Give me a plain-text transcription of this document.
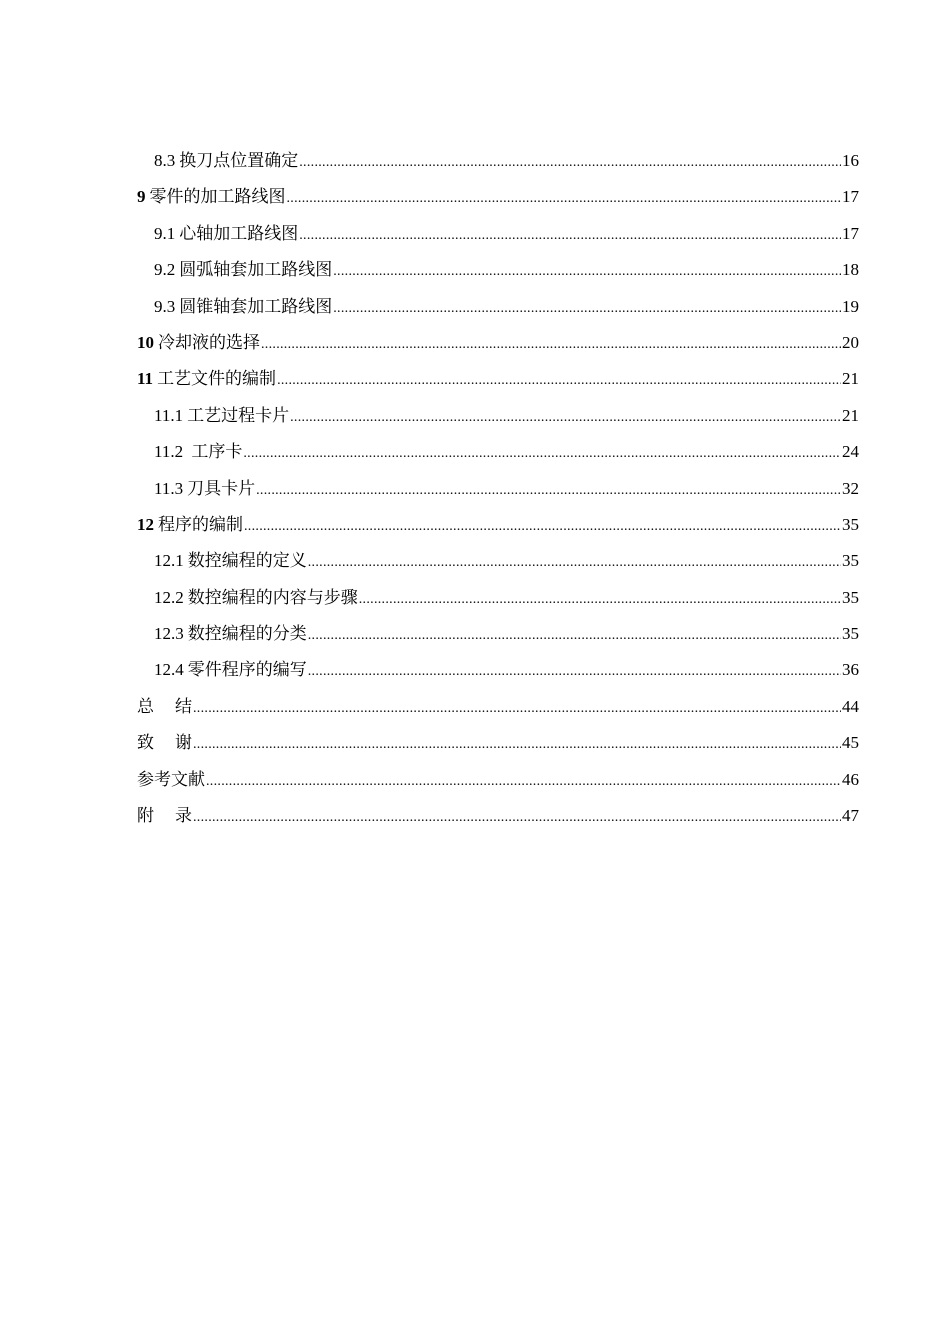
8.3 换刀点位置确定 .....	16
9 零件的加工路线图 .....	17
9.1 心轴加工路线图 .....	17
9.2 圆弧轴套加工路线图 .....	18
9.3 圆锥轴套加工路线图 .....	19
10 冷却液的选择 .....	20
11 工艺文件的编制 .....	21
11.1 工艺过程卡片 .....	21
11.2 工序卡 .....	24
11.3 刀具卡片 .....	32
12 程序的编制 .....	35
12.1 数控编程的定义 .....	35
12.2 数控编程的内容与步骤 .....	35
12.3 数控编程的分类 .....	35
12.4 零件程序的编写 .....	36
总结 .....	44
致谢 .....	45
参考文献 .....	46
附录 .....	47
